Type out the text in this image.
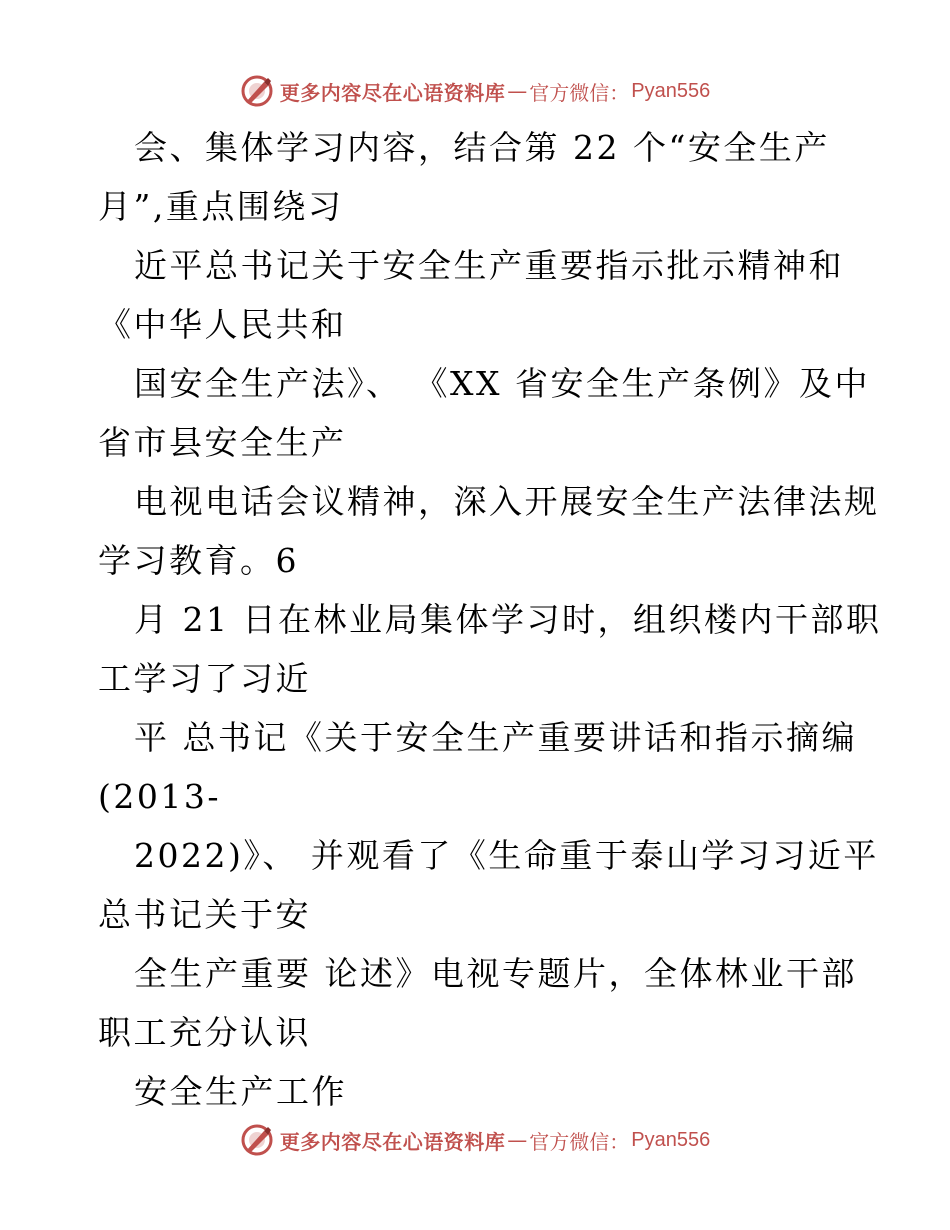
更多内容尽在心语资料库 — 官方微信： Pyan556
会、集体学习内容，结合第 22 个“安全生产
月”,重点围绕习
近平总书记关于安全生产重要指示批示精神和
《中华人民共和
国安全生产法》、 《XX 省安全生产条例》及中
省市县安全生产
电视电话会议精神，深入开展安全生产法律法规
学习教育。6
月 21 日在林业局集体学习时，组织楼内干部职
工学习了习近
平 总书记《关于安全生产重要讲话和指示摘编
(2013-
2022)》、 并观看了《生命重于泰山学习习近平
总书记关于安
全生产重要 论述》电视专题片，全体林业干部
职工充分认识
安全生产工作
更多内容尽在心语资料库 — 官方微信： Pyan556
